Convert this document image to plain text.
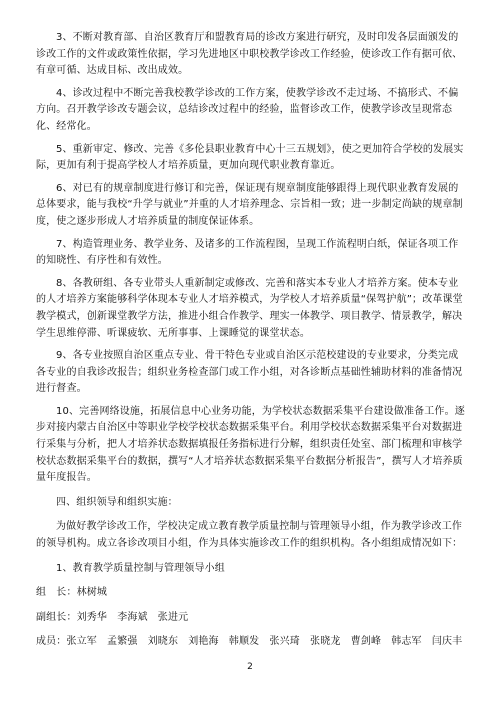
3、不断对教育部、自治区教育厅和盟教育局的诊改方案进行研究，及时印发各层面颁发的诊改工作的文件或政策性依据，学习先进地区中职校教学诊改工作经验，使诊改工作有据可依、有章可循、达成目标、改出成效。

4、诊改过程中不断完善我校教学诊改的工作方案，使教学诊改不走过场、不搞形式、不偏方向。召开教学诊改专题会议，总结诊改过程中的经验，监督诊改工作，使教学诊改呈现常态化、经常化。

5、重新审定、修改、完善《多伦县职业教育中心十三五规划》，使之更加符合学校的发展实际，更加有利于提高学校人才培养质量，更加向现代职业教育靠近。

6、对已有的规章制度进行修订和完善，保证现有规章制度能够跟得上现代职业教育发展的总体要求，能与我校“升学与就业”并重的人才培养理念、宗旨相一致；进一步制定尚缺的规章制度，使之逐步形成人才培养质量的制度保证体系。

7、构造管理业务、教学业务、及诸多的工作流程图，呈现工作流程明白纸，保证各项工作的知晓性、有序性和有效性。

8、各教研组、各专业带头人重新制定或修改、完善和落实本专业人才培养方案。使本专业的人才培养方案能够科学体现本专业人才培养模式，为学校人才培养质量“保驾护航”；改革课堂教学模式，创新课堂教学方法，推进小组合作教学、理实一体教学、项目教学、情景教学，解决学生思维停滞、听课疲软、无所事事、上课睡觉的课堂状态。

9、各专业按照自治区重点专业、骨干特色专业或自治区示范校建设的专业要求，分类完成各专业的自我诊改报告；组织业务检查部门或工作小组，对各诊断点基础性辅助材料的准备情况进行督查。

10、完善网络设施，拓展信息中心业务功能，为学校状态数据采集平台建设做准备工作。逐步对接内蒙古自治区中等职业学校学校状态数据采集平台。利用学校状态数据采集平台对数据进行采集与分析，把人才培养状态数据填报任务指标进行分解，组织责任处室、部门梳理和审核学校状态数据采集平台的数据，撰写“人才培养状态数据采集平台数据分析报告”，撰写人才培养质量年度报告。

四、组织领导和组织实施：

为做好教学诊改工作，学校决定成立教育教学质量控制与管理领导小组，作为教学诊改工作的领导机构。成立各诊改项目小组，作为具体实施诊改工作的组织机构。各小组组成情况如下：

1、教育教学质量控制与管理领导小组

组　长：林树城

副组长：刘秀华　李海斌　张进元

成员：张立军　孟繁强　刘晓东　刘艳海　韩顺发　张兴琦　张晓龙　曹剑峰　韩志军　闫庆丰

2
